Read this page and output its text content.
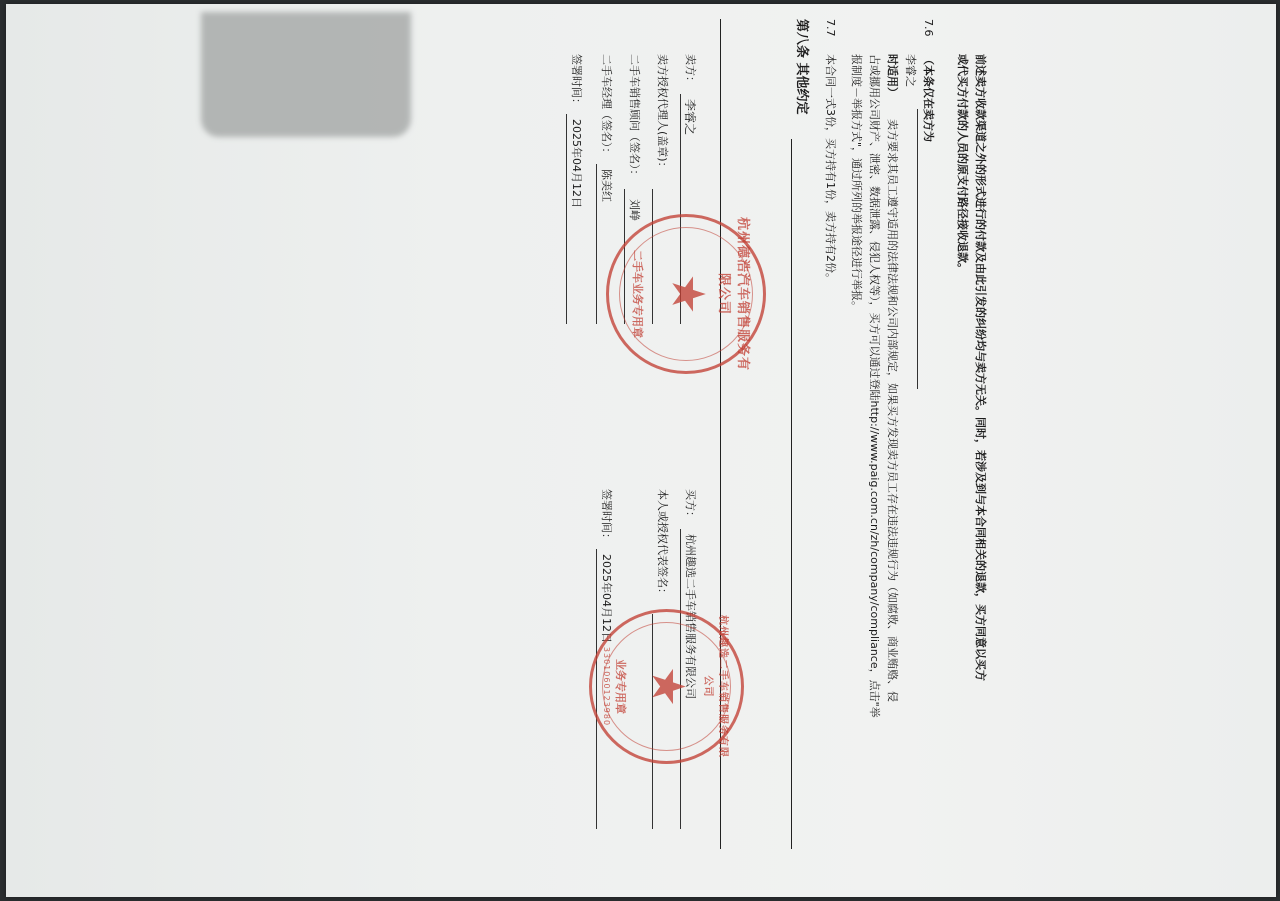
前述卖方收款渠道之外的形式进行的付款及由此引发的纠纷均与卖方无关。同时，若涉及到与本合同相关的退款，买方同意以买方
或代买方付款的人员的原支付路径接收退款。
7.6
（本条仅在卖方为
李睿之
时适用）
卖方要求其员工遵守适用的法律法规和公司内部规定，如果买方发现卖方员工存在违法违规行为（如腐败、商业贿赂、侵
占或挪用公司财产、泄密、数据泄露、侵犯人权等），买方可以通过登陆http://www.paig.com.cn/zh/company/compliance，点击"举
报制度－举报方式"，通过所列的举报途径进行举报。
7.7
本合同一式3份，买方持有1份，卖方持有2份。
第八条 其他约定
卖方：
李睿之
卖方授权代理人(盖章)：
二手车销售顾问（签名）：
刘峥
二手车经理（签名）：
陈美红
签署时间：
2025年04月12日
买方：
杭州趣选二手车销售服务有限公司
本人或授权代表签名：
签署时间：
2025年04月12日
杭州德浩汽车销售服务有限公司
★
二手车业务专用章
杭州趣选二手车销售服务有限公司
★
业务专用章
3301060123980
